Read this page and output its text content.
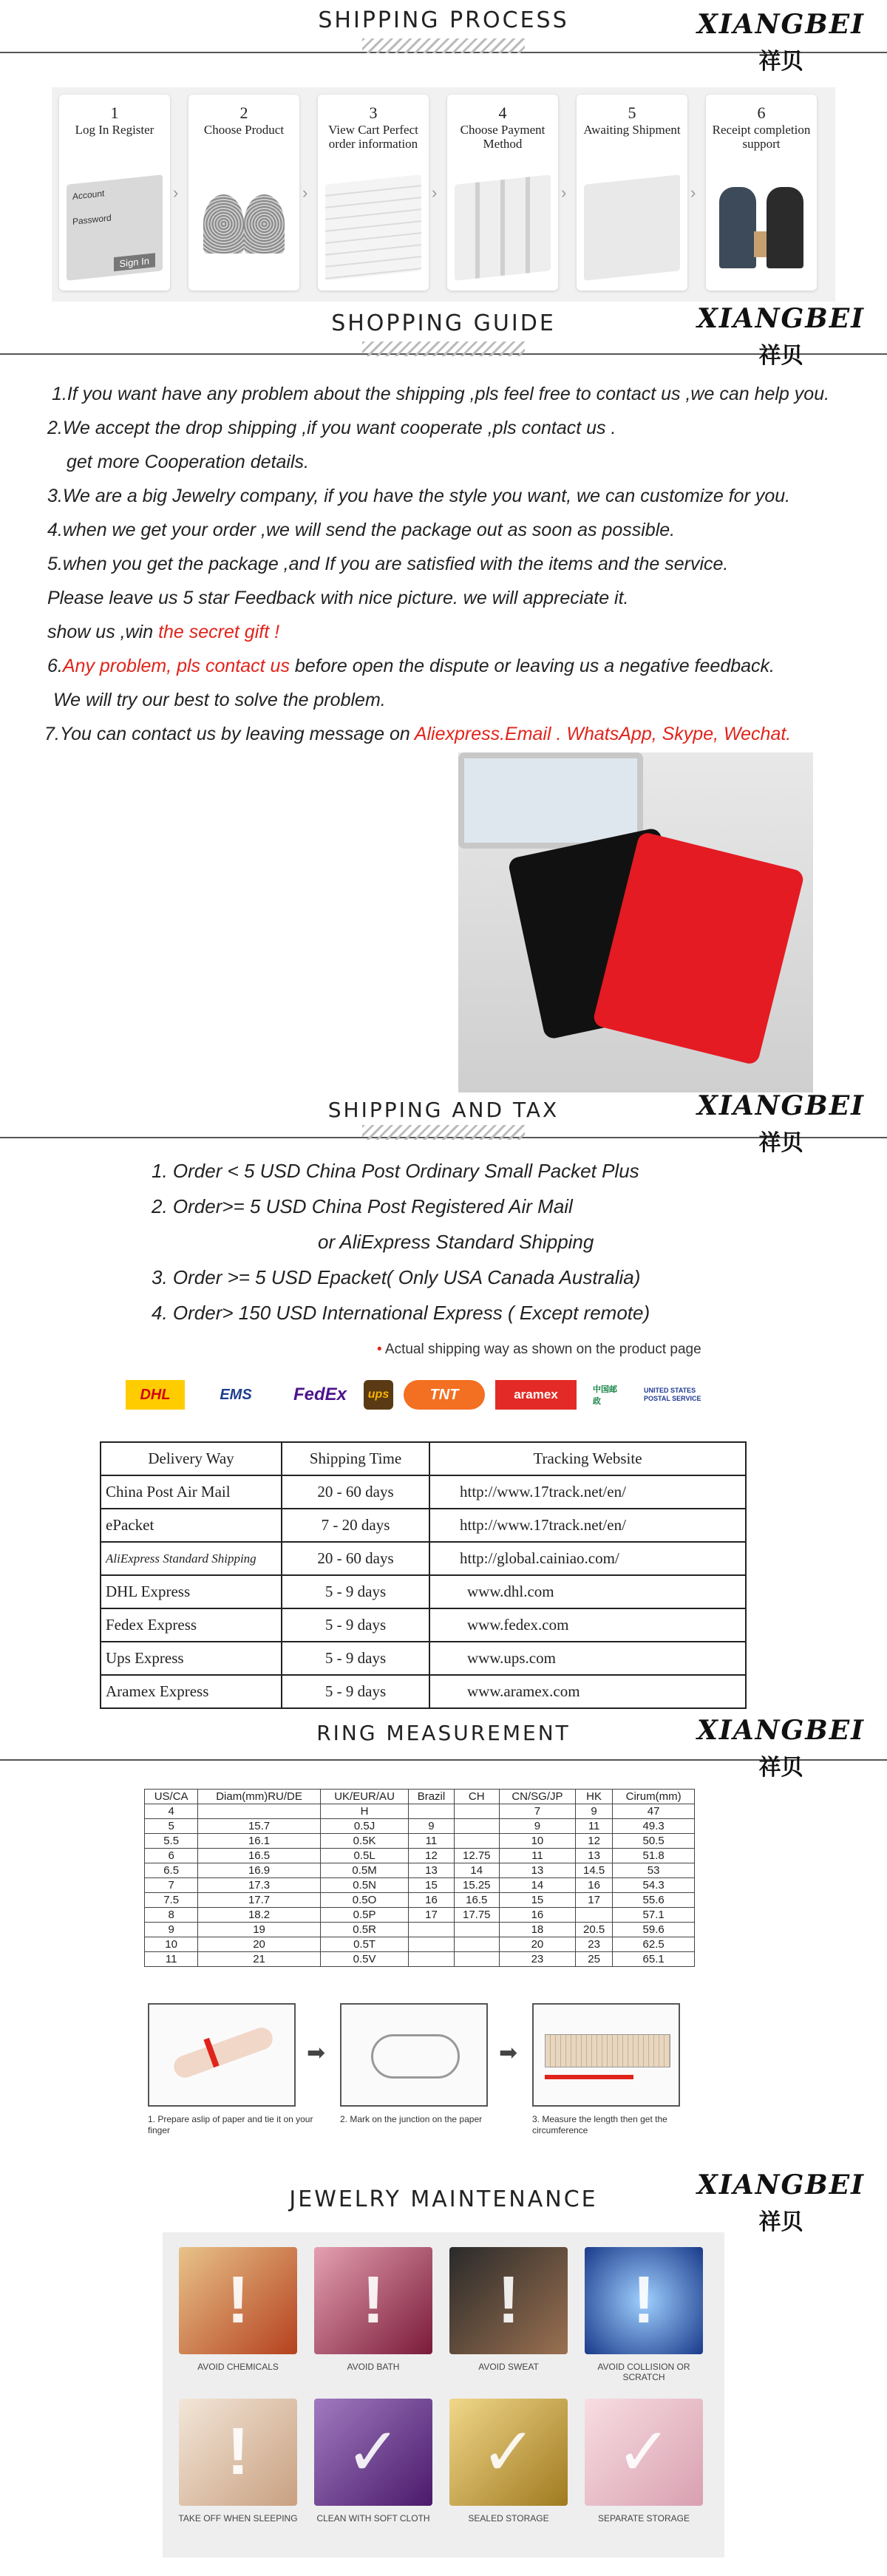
SHIPPING PROCESS	XIANGBEI
祥贝
1
Log In Register
Account
Password
Sign In
›
2
Choose Product
›
3
View Cart Perfect order information
›
4
Choose Payment Method
›
5
Awaiting Shipment
›
6
Receipt completion support
SHOPPING GUIDE	XIANGBEI
祥贝
1.If you want have any problem about the shipping ,pls feel free to contact us ,we can help you.
2.We accept the drop shipping ,if you want cooperate ,pls contact us .
get more Cooperation details.
3.We are a big Jewelry company, if you have the style you want, we can customize for you.
4.when we get your order ,we will send the package out as soon as possible.
5.when you get the package ,and If you are satisfied with the items and the service.
Please leave us 5 star Feedback with nice picture. we will appreciate it.
show us ,win the secret gift !
6.Any problem, pls contact us before open the dispute or leaving us a negative feedback.
We will try our best to solve the problem.
7.You can contact us by leaving message on Aliexpress.Email . WhatsApp, Skype, Wechat.
SHIPPING AND TAX	XIANGBEI
祥贝
1. Order < 5 USD China Post Ordinary Small Packet Plus
2. Order>= 5 USD China Post Registered Air Mail
or AliExpress Standard Shipping
3. Order >= 5 USD Epacket( Only USA Canada Australia)
4. Order> 150 USD International Express ( Except remote)
• Actual shipping way as shown on the product page
DHL	EMS	FedEx	ups	TNT	aramex	中国邮政
UNITED STATES POSTAL SERVICE
Delivery Way	Shipping Time	Tracking Website
China Post Air Mail	20 - 60 days	http://www.17track.net/en/
ePacket	7 - 20 days	http://www.17track.net/en/
AliExpress Standard Shipping	20 - 60 days	http://global.cainiao.com/
DHL Express	5 - 9 days	www.dhl.com
Fedex Express	5 - 9 days	www.fedex.com
Ups Express	5 - 9 days	www.ups.com
Aramex Express	5 - 9 days	www.aramex.com
RING MEASUREMENT	XIANGBEI
祥贝
US/CA	Diam(mm)RU/DE	UK/EUR/AU	Brazil	CH	CN/SG/JP	HK	Cirum(mm)
4		H			7	9	47
5	15.7	0.5J	9		9	11	49.3
5.5	16.1	0.5K	11		10	12	50.5
6	16.5	0.5L	12	12.75	11	13	51.8
6.5	16.9	0.5M	13	14	13	14.5	53
7	17.3	0.5N	15	15.25	14	16	54.3
7.5	17.7	0.5O	16	16.5	15	17	55.6
8	18.2	0.5P	17	17.75	16		57.1
9	19	0.5R			18	20.5	59.6
10	20	0.5T			20	23	62.5
11	21	0.5V			23	25	65.1
➡	➡
1. Prepare aslip of paper and tie it on your finger
2. Mark on the junction on the paper	3. Measure the length then get the circumference
JEWELRY MAINTENANCE	XIANGBEI
祥贝
!	!	!	!
AVOID CHEMICALS	AVOID BATH	AVOID SWEAT	AVOID COLLISION OR SCRATCH
!	✓	✓	✓
TAKE OFF WHEN SLEEPING	CLEAN WITH SOFT CLOTH	SEALED STORAGE	SEPARATE STORAGE
